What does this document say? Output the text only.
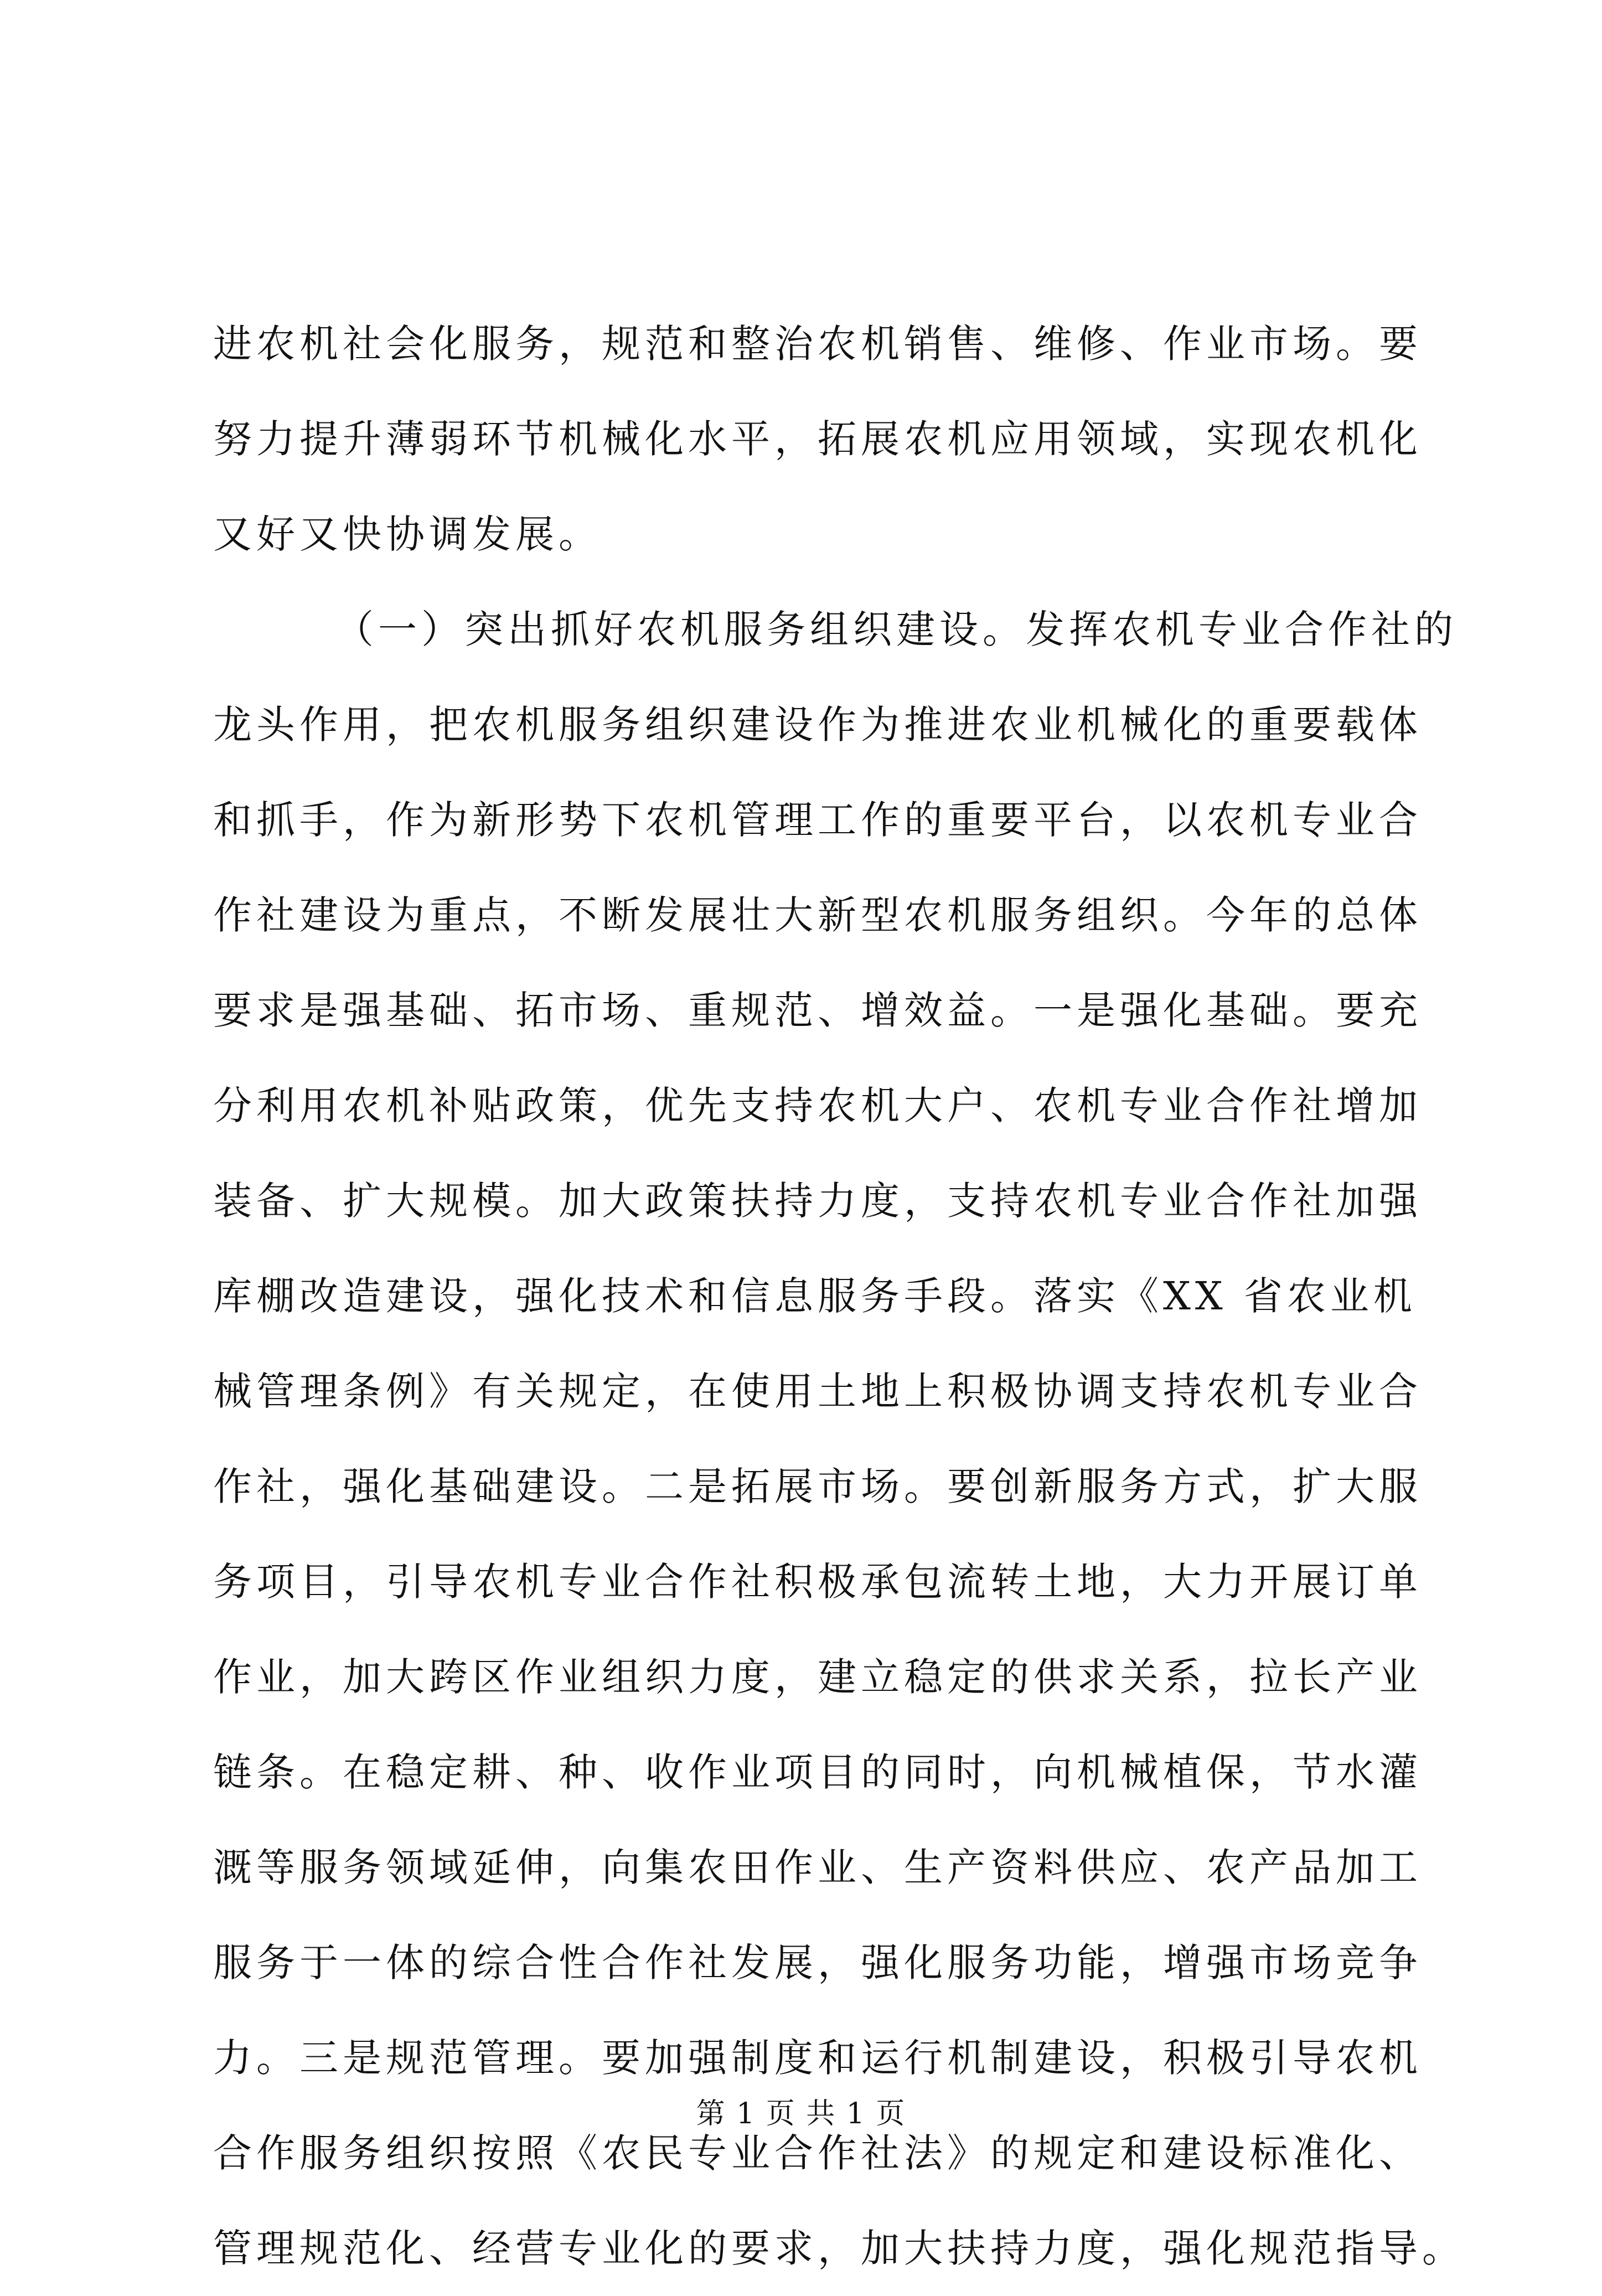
进农机社会化服务，规范和整治农机销售、维修、作业市场。要
努力提升薄弱环节机械化水平，拓展农机应用领域，实现农机化
又好又快协调发展。
（一）突出抓好农机服务组织建设。发挥农机专业合作社的
龙头作用，把农机服务组织建设作为推进农业机械化的重要载体
和抓手，作为新形势下农机管理工作的重要平台，以农机专业合
作社建设为重点，不断发展壮大新型农机服务组织。今年的总体
要求是强基础、拓市场、重规范、增效益。一是强化基础。要充
分利用农机补贴政策，优先支持农机大户、农机专业合作社增加
装备、扩大规模。加大政策扶持力度，支持农机专业合作社加强
库棚改造建设，强化技术和信息服务手段。落实《XX 省农业机
械管理条例》有关规定，在使用土地上积极协调支持农机专业合
作社，强化基础建设。二是拓展市场。要创新服务方式，扩大服
务项目，引导农机专业合作社积极承包流转土地，大力开展订单
作业，加大跨区作业组织力度，建立稳定的供求关系，拉长产业
链条。在稳定耕、种、收作业项目的同时，向机械植保，节水灌
溉等服务领域延伸，向集农田作业、生产资料供应、农产品加工
服务于一体的综合性合作社发展，强化服务功能，增强市场竞争
力。三是规范管理。要加强制度和运行机制建设，积极引导农机
合作服务组织按照《农民专业合作社法》的规定和建设标准化、
管理规范化、经营专业化的要求，加大扶持力度，强化规范指导。
第 1 页 共 1 页
